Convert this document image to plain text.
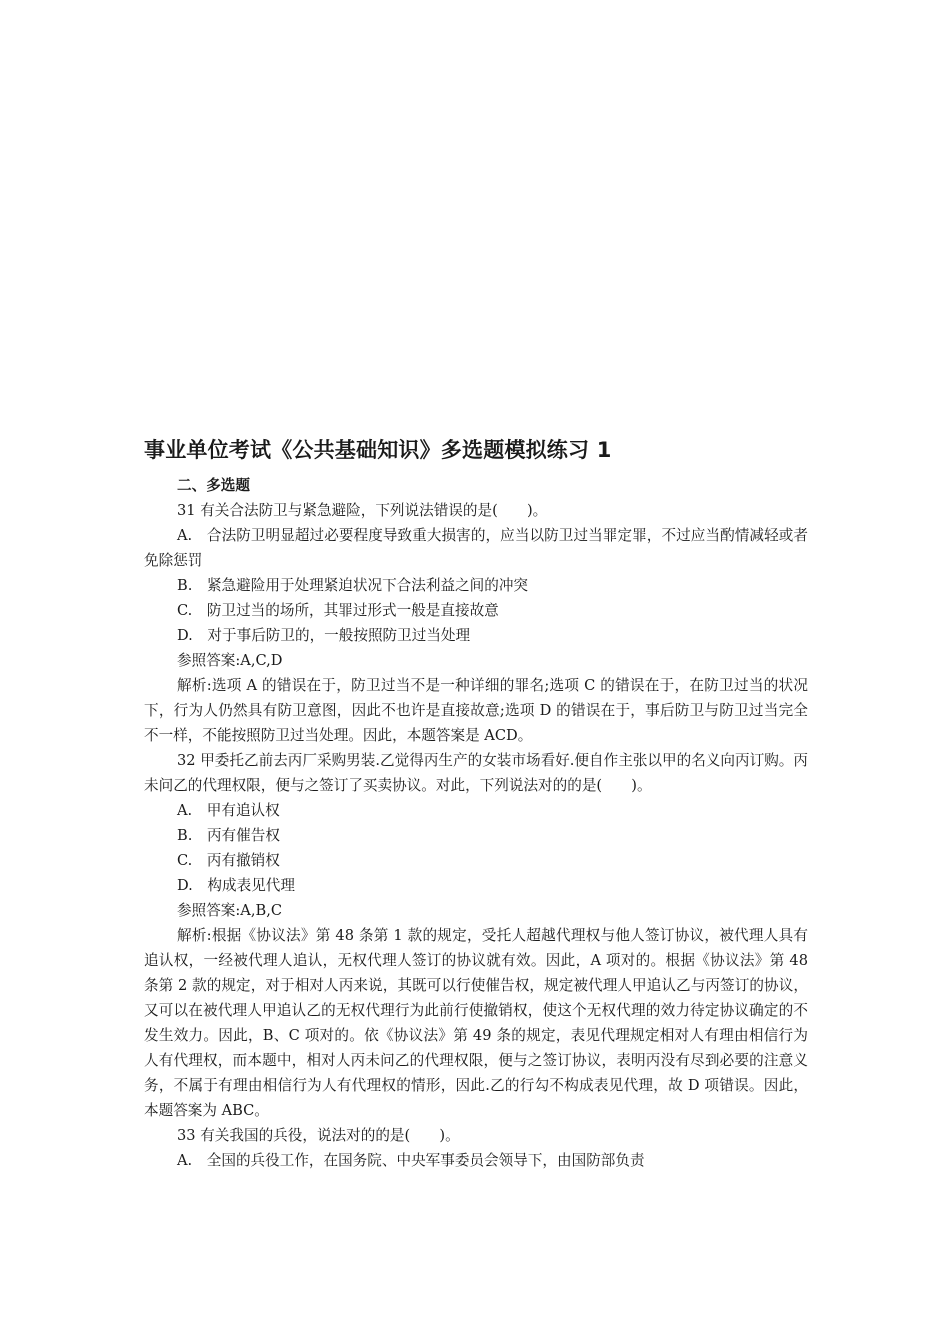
事业单位考试《公共基础知识》多选题模拟练习 1

二、多选题

31 有关合法防卫与紧急避险，下列说法错误的是(　　)。

A.　合法防卫明显超过必要程度导致重大损害的，应当以防卫过当罪定罪，不过应当酌情减轻或者免除惩罚

B.　紧急避险用于处理紧迫状况下合法利益之间的冲突

C.　防卫过当的场所，其罪过形式一般是直接故意

D.　对于事后防卫的，一般按照防卫过当处理

参照答案:A,C,D

解析:选项 A 的错误在于，防卫过当不是一种详细的罪名;选项 C 的错误在于，在防卫过当的状况下，行为人仍然具有防卫意图，因此不也许是直接故意;选项 D 的错误在于，事后防卫与防卫过当完全不一样，不能按照防卫过当处理。因此，本题答案是 ACD。

32 甲委托乙前去丙厂采购男装.乙觉得丙生产的女装市场看好.便自作主张以甲的名义向丙订购。丙未问乙的代理权限，便与之签订了买卖协议。对此，下列说法对的的是(　　)。

A.　甲有追认权

B.　丙有催告权

C.　丙有撤销权

D.　构成表见代理

参照答案:A,B,C

解析:根据《协议法》第 48 条第 1 款的规定，受托人超越代理权与他人签订协议，被代理人具有追认权，一经被代理人追认，无权代理人签订的协议就有效。因此，A 项对的。根据《协议法》第 48 条第 2 款的规定，对于相对人丙来说，其既可以行使催告权，规定被代理人甲追认乙与丙签订的协议，又可以在被代理人甲追认乙的无权代理行为此前行使撤销权，使这个无权代理的效力待定协议确定的不发生效力。因此，B、C 项对的。依《协议法》第 49 条的规定，表见代理规定相对人有理由相信行为人有代理权，而本题中，相对人丙未问乙的代理权限，便与之签订协议，表明丙没有尽到必要的注意义务，不属于有理由相信行为人有代理权的情形，因此.乙的行勾不构成表见代理，故 D 项错误。因此，本题答案为 ABC。

33 有关我国的兵役，说法对的的是(　　)。

A.　全国的兵役工作，在国务院、中央军事委员会领导下，由国防部负责
